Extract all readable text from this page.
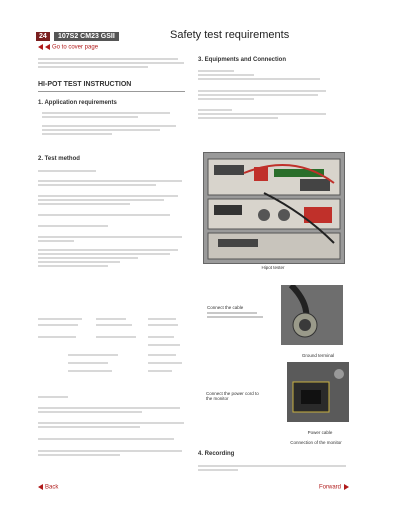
24	107S2 CM23 GSII	Safety test requirements
Go to cover page
HI-POT TEST INSTRUCTION
1. Application requirements
2. Test method
3. Equipments and Connection
Hipot tester
Connect the cable
Ground terminal
Connect the power cord to the monitor
Power cable
Connection of the monitor
4. Recording
Back	Forward
